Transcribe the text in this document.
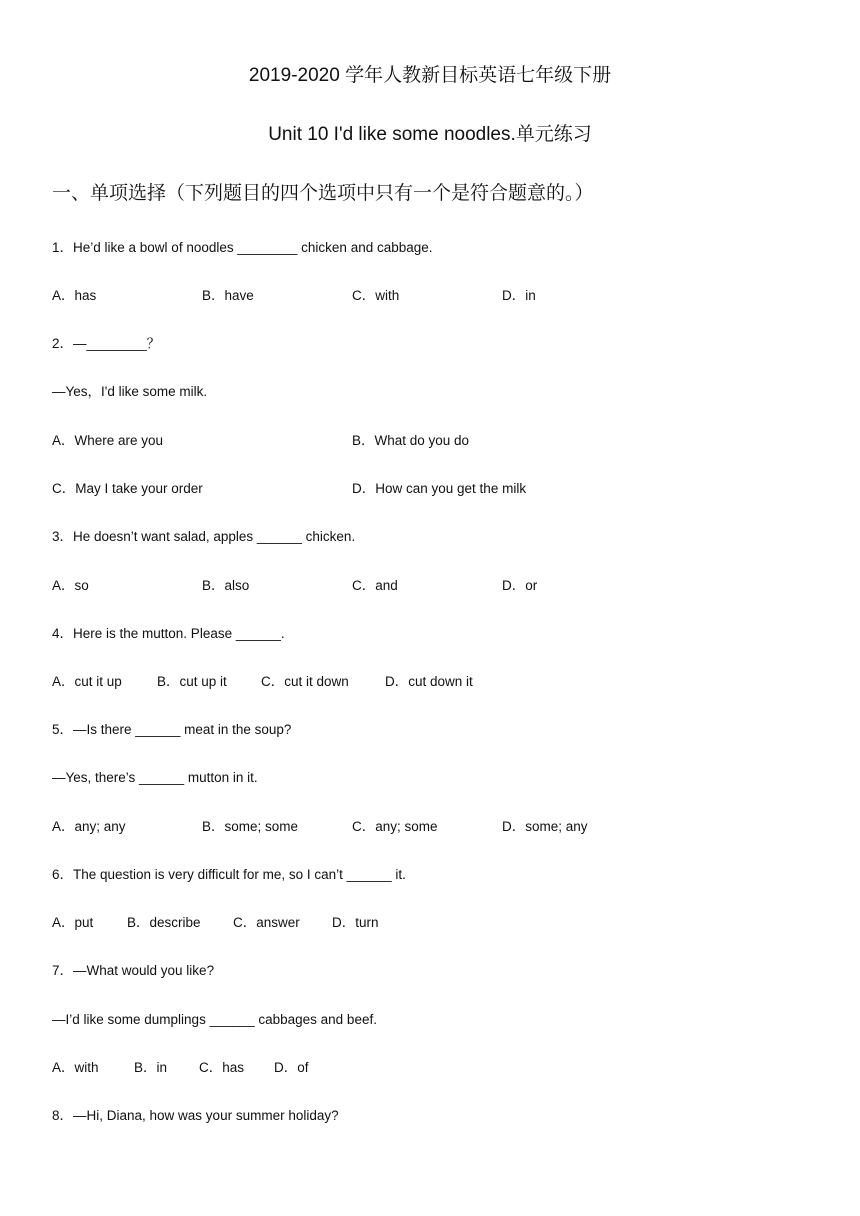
2019-2020 学年人教新目标英语七年级下册
Unit 10 I'd like some noodles.单元练习
一、单项选择（下列题目的四个选项中只有一个是符合题意的。）
1．He’d like a bowl of noodles ________ chicken and cabbage.
A．has	B．have	C．with	D．in
2．—________？
—Yes，I'd like some milk.
A．Where are you	B．What do you do
C．May I take your order	D．How can you get the milk
3．He doesn’t want salad, apples ______ chicken.
A．so	B．also	C．and	D．or
4．Here is the mutton. Please ______.
A．cut it up	B．cut up it	C．cut it down	D．cut down it
5．—Is there ______ meat in the soup?
—Yes, there’s ______ mutton in it.
A．any; any	B．some; some	C．any; some	D．some; any
6．The question is very difficult for me, so I can’t ______ it.
A．put B．describe C．answer D．turn
7．—What would you like?
—I’d like some dumplings ______ cabbages and beef.
A．with	B．in C．has D．of
8．—Hi, Diana, how was your summer holiday?
